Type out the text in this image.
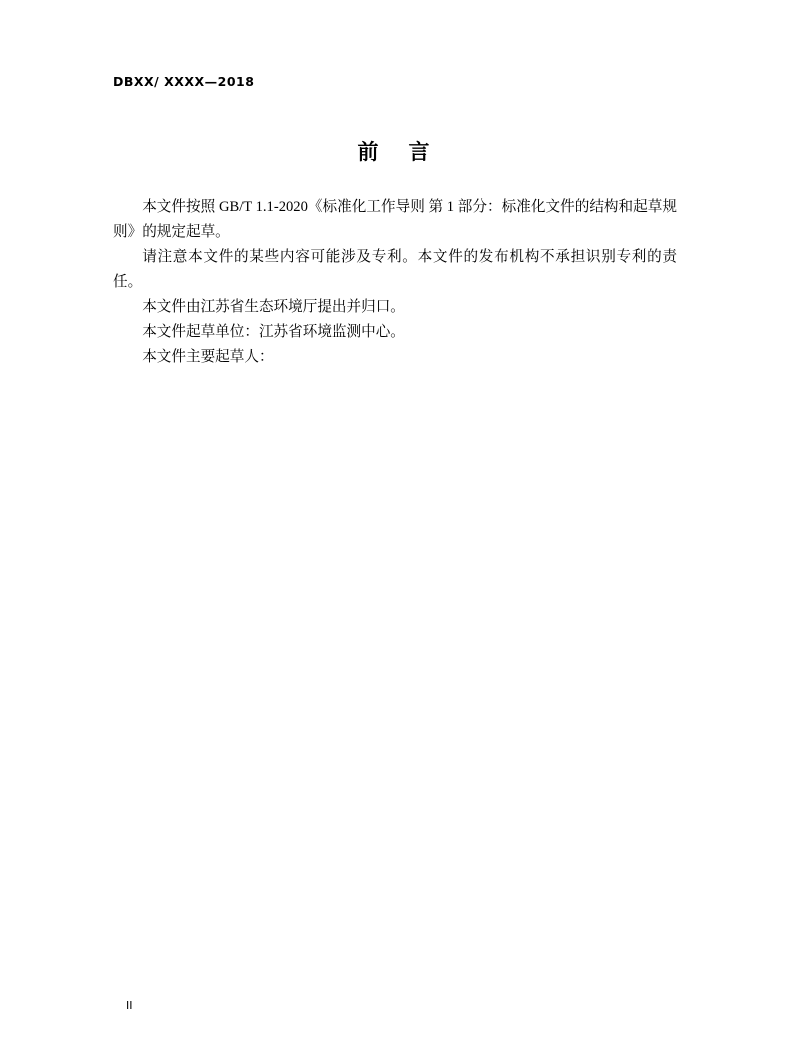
DBXX/ XXXX—2018
前   言

本文件按照 GB/T 1.1-2020《标准化工作导则 第 1 部分：标准化文件的结构和起草规则》的规定起草。

请注意本文件的某些内容可能涉及专利。本文件的发布机构不承担识别专利的责任。

本文件由江苏省生态环境厅提出并归口。

本文件起草单位：江苏省环境监测中心。

本文件主要起草人：

II
